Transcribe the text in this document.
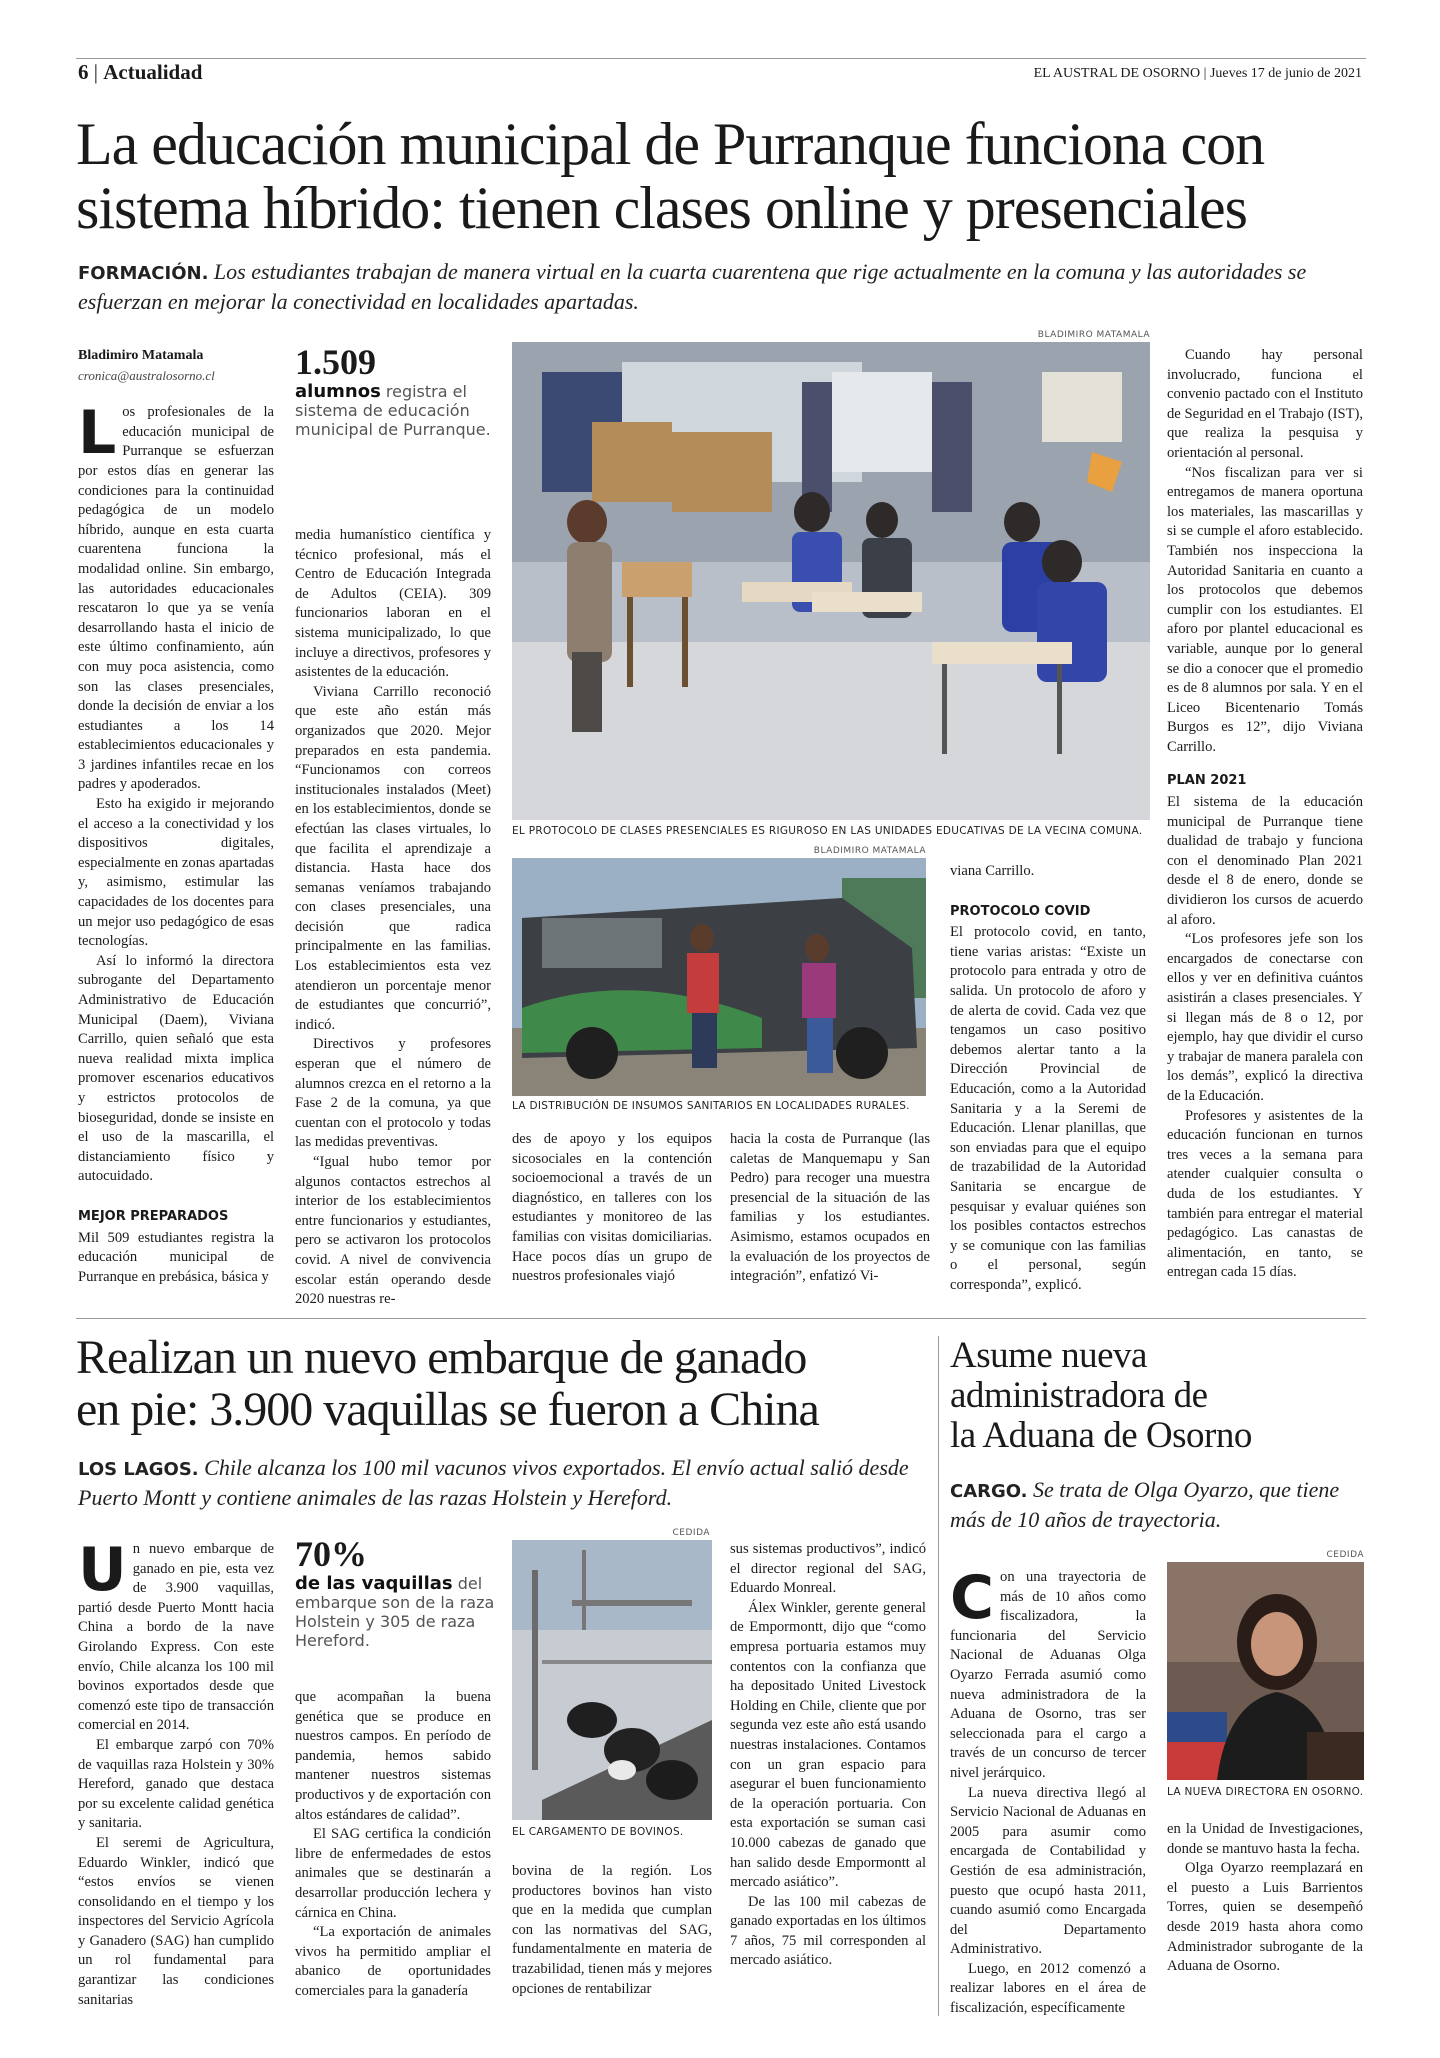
6 | Actualidad	EL AUSTRAL DE OSORNO | Jueves 17 de junio de 2021
La educación municipal de Purranque funciona con
sistema híbrido: tienen clases online y presenciales
FORMACIÓN. Los estudiantes trabajan de manera virtual en la cuarta cuarentena que rige actualmente en la comuna y las autoridades se esfuerzan en mejorar la conectividad en localidades apartadas.
Bladimiro Matamala
cronica@australosorno.cl

Los profesionales de la educación municipal de Purranque se esfuerzan por estos días en generar las condiciones para la continuidad pedagógica de un modelo híbrido, aunque en esta cuarta cuarentena funciona la modalidad online. Sin embargo, las autoridades educacionales rescataron lo que ya se venía desarrollando hasta el inicio de este último confinamiento, aún con muy poca asistencia, como son las clases presenciales, donde la decisión de enviar a los estudiantes a los 14 establecimientos educacionales y 3 jardines infantiles recae en los padres y apoderados.

Esto ha exigido ir mejorando el acceso a la conectividad y los dispositivos digitales, especialmente en zonas apartadas y, asimismo, estimular las capacidades de los docentes para un mejor uso pedagógico de esas tecnologías.

Así lo informó la directora subrogante del Departamento Administrativo de Educación Municipal (Daem), Viviana Carrillo, quien señaló que esta nueva realidad mixta implica promover escenarios educativos y estrictos protocolos de bioseguridad, donde se insiste en el uso de la mascarilla, el distanciamiento físico y autocuidado.

MEJOR PREPARADOS

Mil 509 estudiantes registra la educación municipal de Purranque en prebásica, básica y

1.509
alumnos registra el sistema de educación municipal de Purranque.

media humanístico científica y técnico profesional, más el Centro de Educación Integrada de Adultos (CEIA). 309 funcionarios laboran en el sistema municipalizado, lo que incluye a directivos, profesores y asistentes de la educación.

Viviana Carrillo reconoció que este año están más organizados que 2020. Mejor preparados en esta pandemia. “Funcionamos con correos institucionales instalados (Meet) en los establecimientos, donde se efectúan las clases virtuales, lo que facilita el aprendizaje a distancia. Hasta hace dos semanas veníamos trabajando con clases presenciales, una decisión que radica principalmente en las familias. Los establecimientos esta vez atendieron un porcentaje menor de estudiantes que concurrió”, indicó.

Directivos y profesores esperan que el número de alumnos crezca en el retorno a la Fase 2 de la comuna, ya que cuentan con el protocolo y todas las medidas preventivas.

“Igual hubo temor por algunos contactos estrechos al interior de los establecimientos entre funcionarios y estudiantes, pero se activaron los protocolos covid. A nivel de convivencia escolar están operando desde 2020 nuestras re-

BLADIMIRO MATAMALA
EL PROTOCOLO DE CLASES PRESENCIALES ES RIGUROSO EN LAS UNIDADES EDUCATIVAS DE LA VECINA COMUNA.
BLADIMIRO MATAMALA
LA DISTRIBUCIÓN DE INSUMOS SANITARIOS EN LOCALIDADES RURALES.

des de apoyo y los equipos sicosociales en la contención socioemocional a través de un diagnóstico, en talleres con los estudiantes y monitoreo de las familias con visitas domiciliarias. Hace pocos días un grupo de nuestros profesionales viajó

hacia la costa de Purranque (las caletas de Manquemapu y San Pedro) para recoger una muestra presencial de la situación de las familias y los estudiantes. Asimismo, estamos ocupados en la evaluación de los proyectos de integración”, enfatizó Vi-

viana Carrillo.

PROTOCOLO COVID

El protocolo covid, en tanto, tiene varias aristas: “Existe un protocolo para entrada y otro de salida. Un protocolo de aforo y de alerta de covid. Cada vez que tengamos un caso positivo debemos alertar tanto a la Dirección Provincial de Educación, como a la Autoridad Sanitaria y a la Seremi de Educación. Llenar planillas, que son enviadas para que el equipo de trazabilidad de la Autoridad Sanitaria se encargue de pesquisar y evaluar quiénes son los posibles contactos estrechos y se comunique con las familias o el personal, según corresponda”, explicó.

Cuando hay personal involucrado, funciona el convenio pactado con el Instituto de Seguridad en el Trabajo (IST), que realiza la pesquisa y orientación al personal.

“Nos fiscalizan para ver si entregamos de manera oportuna los materiales, las mascarillas y si se cumple el aforo establecido. También nos inspecciona la Autoridad Sanitaria en cuanto a los protocolos que debemos cumplir con los estudiantes. El aforo por plantel educacional es variable, aunque por lo general se dio a conocer que el promedio es de 8 alumnos por sala. Y en el Liceo Bicentenario Tomás Burgos es 12”, dijo Viviana Carrillo.

PLAN 2021

El sistema de la educación municipal de Purranque tiene dualidad de trabajo y funciona con el denominado Plan 2021 desde el 8 de enero, donde se dividieron los cursos de acuerdo al aforo.

“Los profesores jefe son los encargados de conectarse con ellos y ver en definitiva cuántos asistirán a clases presenciales. Y si llegan más de 8 o 12, por ejemplo, hay que dividir el curso y trabajar de manera paralela con los demás”, explicó la directiva de la Educación.

Profesores y asistentes de la educación funcionan en turnos tres veces a la semana para atender cualquier consulta o duda de los estudiantes. Y también para entregar el material pedagógico. Las canastas de alimentación, en tanto, se entregan cada 15 días.

Realizan un nuevo embarque de ganado
en pie: 3.900 vaquillas se fueron a China
LOS LAGOS. Chile alcanza los 100 mil vacunos vivos exportados. El envío actual salió desde Puerto Montt y contiene animales de las razas Holstein y Hereford.

Un nuevo embarque de ganado en pie, esta vez de 3.900 vaquillas, partió desde Puerto Montt hacia China a bordo de la nave Girolando Express. Con este envío, Chile alcanza los 100 mil bovinos exportados desde que comenzó este tipo de transacción comercial en 2014.

El embarque zarpó con 70% de vaquillas raza Holstein y 30% Hereford, ganado que destaca por su excelente calidad genética y sanitaria.

El seremi de Agricultura, Eduardo Winkler, indicó que “estos envíos se vienen consolidando en el tiempo y los inspectores del Servicio Agrícola y Ganadero (SAG) han cumplido un rol fundamental para garantizar las condiciones sanitarias

70%
de las vaquillas del embarque son de la raza Holstein y 305 de raza Hereford.

que acompañan la buena genética que se produce en nuestros campos. En período de pandemia, hemos sabido mantener nuestros sistemas productivos y de exportación con altos estándares de calidad”.

El SAG certifica la condición libre de enfermedades de estos animales que se destinarán a desarrollar producción lechera y cárnica en China.

“La exportación de animales vivos ha permitido ampliar el abanico de oportunidades comerciales para la ganadería

CEDIDA
EL CARGAMENTO DE BOVINOS.

bovina de la región. Los productores bovinos han visto que en la medida que cumplan con las normativas del SAG, fundamentalmente en materia de trazabilidad, tienen más y mejores opciones de rentabilizar

sus sistemas productivos”, indicó el director regional del SAG, Eduardo Monreal.

Álex Winkler, gerente general de Empormontt, dijo que “como empresa portuaria estamos muy contentos con la confianza que ha depositado United Livestock Holding en Chile, cliente que por segunda vez este año está usando nuestras instalaciones. Contamos con un gran espacio para asegurar el buen funcionamiento de la operación portuaria. Con esta exportación se suman casi 10.000 cabezas de ganado que han salido desde Empormontt al mercado asiático”.

De las 100 mil cabezas de ganado exportadas en los últimos 7 años, 75 mil corresponden al mercado asiático.

Asume nueva
administradora de
la Aduana de Osorno
CARGO. Se trata de Olga Oyarzo, que tiene más de 10 años de trayectoria.

Con una trayectoria de más de 10 años como fiscalizadora, la funcionaria del Servicio Nacional de Aduanas Olga Oyarzo Ferrada asumió como nueva administradora de la Aduana de Osorno, tras ser seleccionada para el cargo a través de un concurso de tercer nivel jerárquico.

La nueva directiva llegó al Servicio Nacional de Aduanas en 2005 para asumir como encargada de Contabilidad y Gestión de esa administración, puesto que ocupó hasta 2011, cuando asumió como Encargada del Departamento Administrativo.

Luego, en 2012 comenzó a realizar labores en el área de fiscalización, específicamente

CEDIDA
LA NUEVA DIRECTORA EN OSORNO.

en la Unidad de Investigaciones, donde se mantuvo hasta la fecha.

Olga Oyarzo reemplazará en el puesto a Luis Barrientos Torres, quien se desempeñó desde 2019 hasta ahora como Administrador subrogante de la Aduana de Osorno.
